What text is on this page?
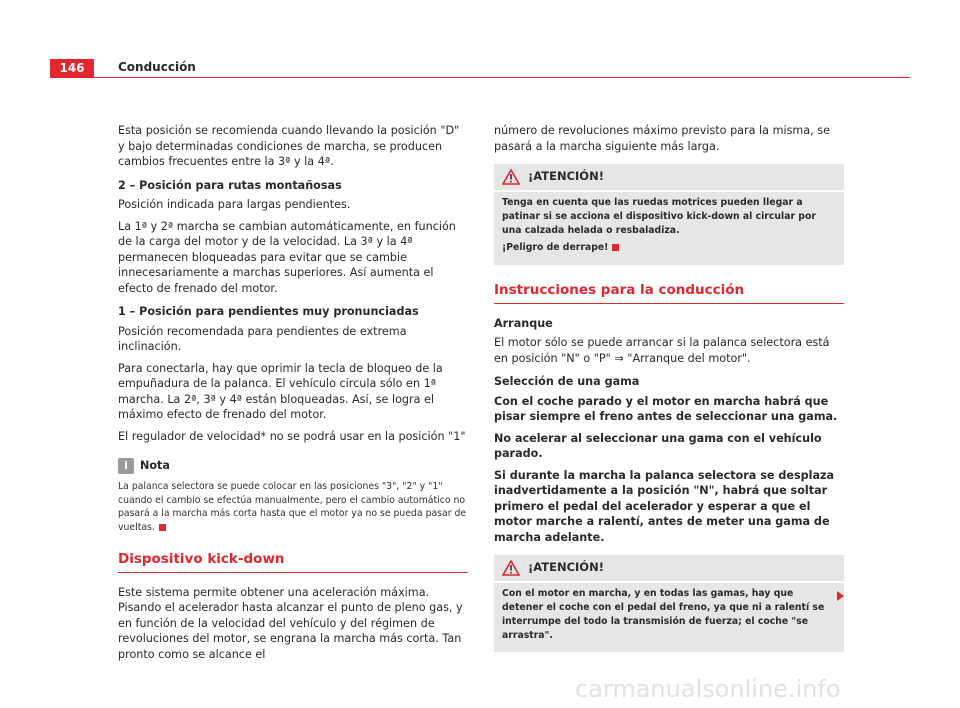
146	Conducción

Esta posición se recomienda cuando llevando la posición "D" y bajo determinadas condiciones de marcha, se producen cambios frecuentes entre la 3ª y la 4ª.

2 – Posición para rutas montañosas

Posición indicada para largas pendientes.

La 1ª y 2ª marcha se cambian automáticamente, en función de la carga del motor y de la velocidad. La 3ª y la 4ª permanecen bloqueadas para evitar que se cambie innecesariamente a marchas superiores. Así aumenta el efecto de frenado del motor.

1 – Posición para pendientes muy pronunciadas

Posición recomendada para pendientes de extrema inclinación.

Para conectarla, hay que oprimir la tecla de bloqueo de la empuñadura de la palanca. El vehículo circula sólo en 1ª marcha. La 2ª, 3ª y 4ª están bloqueadas. Así, se logra el máximo efecto de frenado del motor.

El regulador de velocidad* no se podrá usar en la posición "1"

i	Nota

La palanca selectora se puede colocar en las posiciones "3", "2" y "1" cuando el cambio se efectúa manualmente, pero el cambio automático no pasará a la marcha más corta hasta que el motor ya no se pueda pasar de vueltas.

Dispositivo kick-down

Este sistema permite obtener una aceleración máxima. Pisando el acelerador hasta alcanzar el punto de pleno gas, y en función de la velocidad del vehículo y del régimen de revoluciones del motor, se engrana la marcha más corta. Tan pronto como se alcance el

número de revoluciones máximo previsto para la misma, se pasará a la marcha siguiente más larga.

¡ATENCIÓN!

Tenga en cuenta que las ruedas motrices pueden llegar a patinar si se acciona el dispositivo kick-down al circular por una calzada helada o resbaladiza.

¡Peligro de derrape!

Instrucciones para la conducción
Arranque

El motor sólo se puede arrancar si la palanca selectora está en posición "N" o "P" ⇒ "Arranque del motor".

Selección de una gama

Con el coche parado y el motor en marcha habrá que pisar siempre el freno antes de seleccionar una gama.

No acelerar al seleccionar una gama con el vehículo parado.

Si durante la marcha la palanca selectora se desplaza inadvertidamente a la posición "N", habrá que soltar primero el pedal del acelerador y esperar a que el motor marche a ralentí, antes de meter una gama de marcha adelante.

¡ATENCIÓN!

Con el motor en marcha, y en todas las gamas, hay que detener el coche con el pedal del freno, ya que ni a ralentí se interrumpe del todo la transmisión de fuerza; el coche "se arrastra".

carmanualsonline.info
